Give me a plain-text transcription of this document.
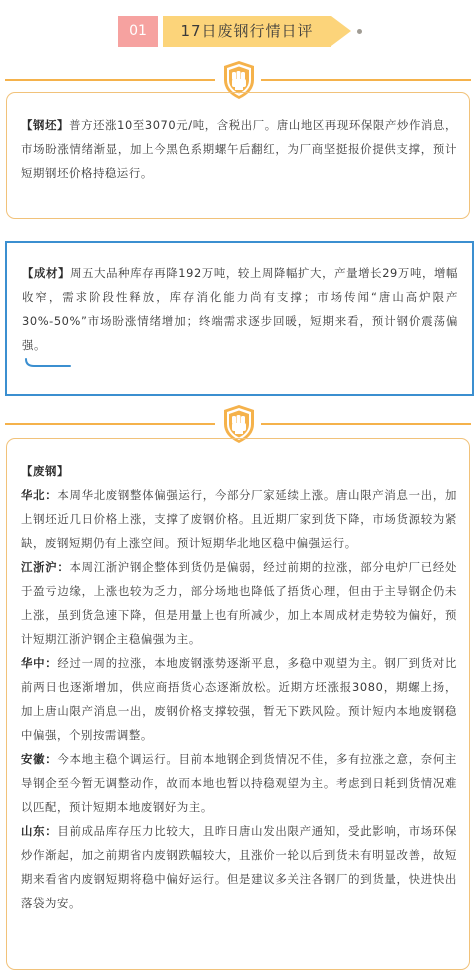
01	17日废钢行情日评

【钢坯】普方还涨10至3070元/吨，含税出厂。唐山地区再现环保限产炒作消息，市场盼涨情绪渐显，加上今黑色系期螺午后翻红，为厂商坚挺报价提供支撑，预计短期钢坯价格持稳运行。

【成材】周五大品种库存再降192万吨，较上周降幅扩大，产量增长29万吨，增幅收窄，需求阶段性释放，库存消化能力尚有支撑；市场传闻“唐山高炉限产30%-50%”市场盼涨情绪增加；终端需求逐步回暖，短期来看，预计钢价震荡偏强。

【废钢】

华北：本周华北废钢整体偏强运行，今部分厂家延续上涨。唐山限产消息一出，加上钢坯近几日价格上涨，支撑了废钢价格。且近期厂家到货下降，市场货源较为紧缺，废钢短期仍有上涨空间。预计短期华北地区稳中偏强运行。

江浙沪：本周江浙沪钢企整体到货仍是偏弱，经过前期的拉涨，部分电炉厂已经处于盈亏边缘，上涨也较为乏力，部分场地也降低了捂货心理，但由于主导钢企仍未上涨，虽到货急速下降，但是用量上也有所减少，加上本周成材走势较为偏好，预计短期江浙沪钢企主稳偏强为主。

华中：经过一周的拉涨，本地废钢涨势逐渐平息，多稳中观望为主。钢厂到货对比前两日也逐渐增加，供应商捂货心态逐渐放松。近期方坯涨报3080，期螺上扬，加上唐山限产消息一出，废钢价格支撑较强，暂无下跌风险。预计短内本地废钢稳中偏强，个别按需调整。

安徽：今本地主稳个调运行。目前本地钢企到货情况不佳，多有拉涨之意，奈何主导钢企至今暂无调整动作，故而本地也暂以持稳观望为主。考虑到日耗到货情况难以匹配，预计短期本地废钢好为主。

山东：目前成品库存压力比较大，且昨日唐山发出限产通知，受此影响，市场环保炒作渐起，加之前期省内废钢跌幅较大，且涨价一轮以后到货未有明显改善，故短期来看省内废钢短期将稳中偏好运行。但是建议多关注各钢厂的到货量，快进快出落袋为安。
